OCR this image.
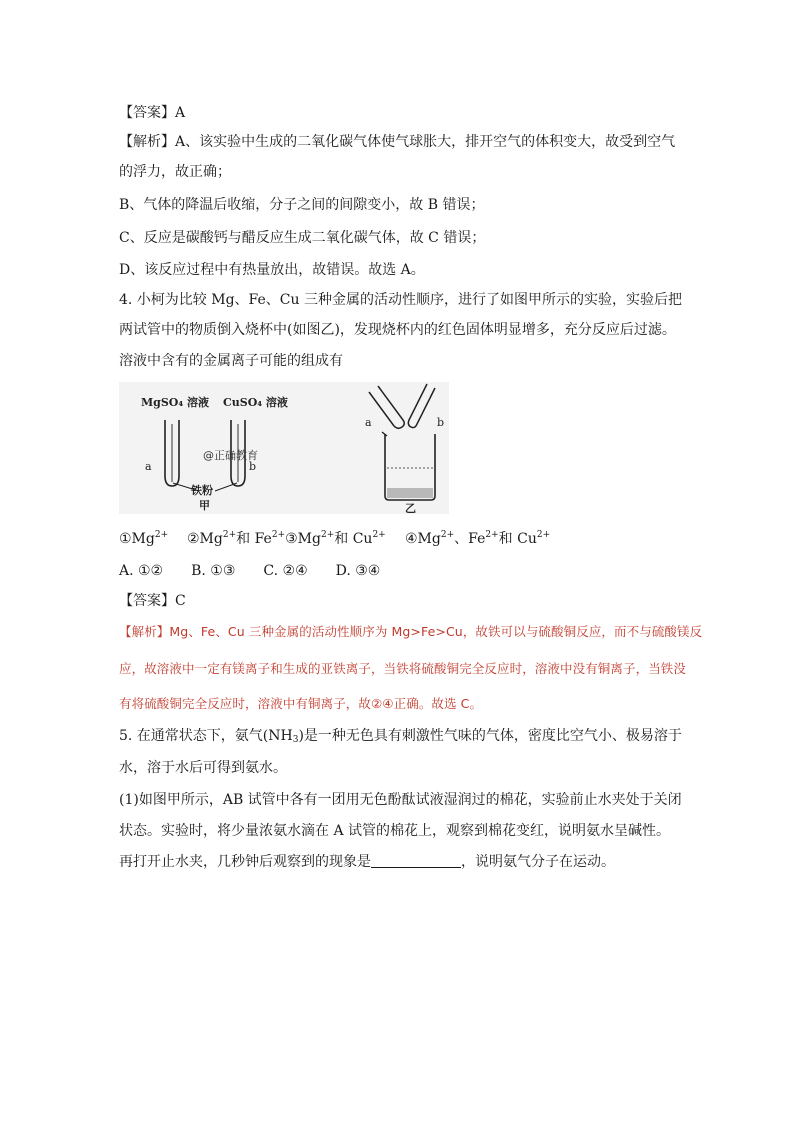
【答案】A
【解析】A、该实验中生成的二氧化碳气体使气球胀大，排开空气的体积变大，故受到空气
的浮力，故正确；
B、气体的降温后收缩，分子之间的间隙变小，故 B 错误；
C、反应是碳酸钙与醋反应生成二氧化碳气体，故 C 错误；
D、该反应过程中有热量放出，故错误。故选 A。
4. 小柯为比较 Mg、Fe、Cu 三种金属的活动性顺序，进行了如图甲所示的实验，实验后把
两试管中的物质倒入烧杯中(如图乙)，发现烧杯内的红色固体明显增多，充分反应后过滤。
溶液中含有的金属离子可能的组成有
MgSO₄ 溶液 CuSO₄ 溶液
a	b
铁粉
甲
@正确教育
a	b
乙
$①Mg^{2+}$ $②Mg^{2+}$和 $Fe^{2+}③Mg^{2+}$和 $Cu^{2+}$ $④Mg^{2+}$、$Fe^{2+}$和 $Cu^{2+}$
A. ①②　　B. ①③　　C. ②④　　D. ③④
【答案】C
【解析】Mg、Fe、Cu 三种金属的活动性顺序为 Mg>Fe>Cu，故铁可以与硫酸铜反应，而不与硫酸镁反
应，故溶液中一定有镁离子和生成的亚铁离子，当铁将硫酸铜完全反应时，溶液中没有铜离子，当铁没
有将硫酸铜完全反应时，溶液中有铜离子，故②④正确。故选 C。
5. 在通常状态下，氨气$(NH_3)$是一种无色具有刺激性气味的气体，密度比空气小、极易溶于
水，溶于水后可得到氨水。
(1)如图甲所示，AB 试管中各有一团用无色酚酞试液湿润过的棉花，实验前止水夹处于关闭
状态。实验时，将少量浓氨水滴在 A 试管的棉花上，观察到棉花变红，说明氨水呈碱性。
再打开止水夹，几秒钟后观察到的现象是	，说明氨气分子在运动。
